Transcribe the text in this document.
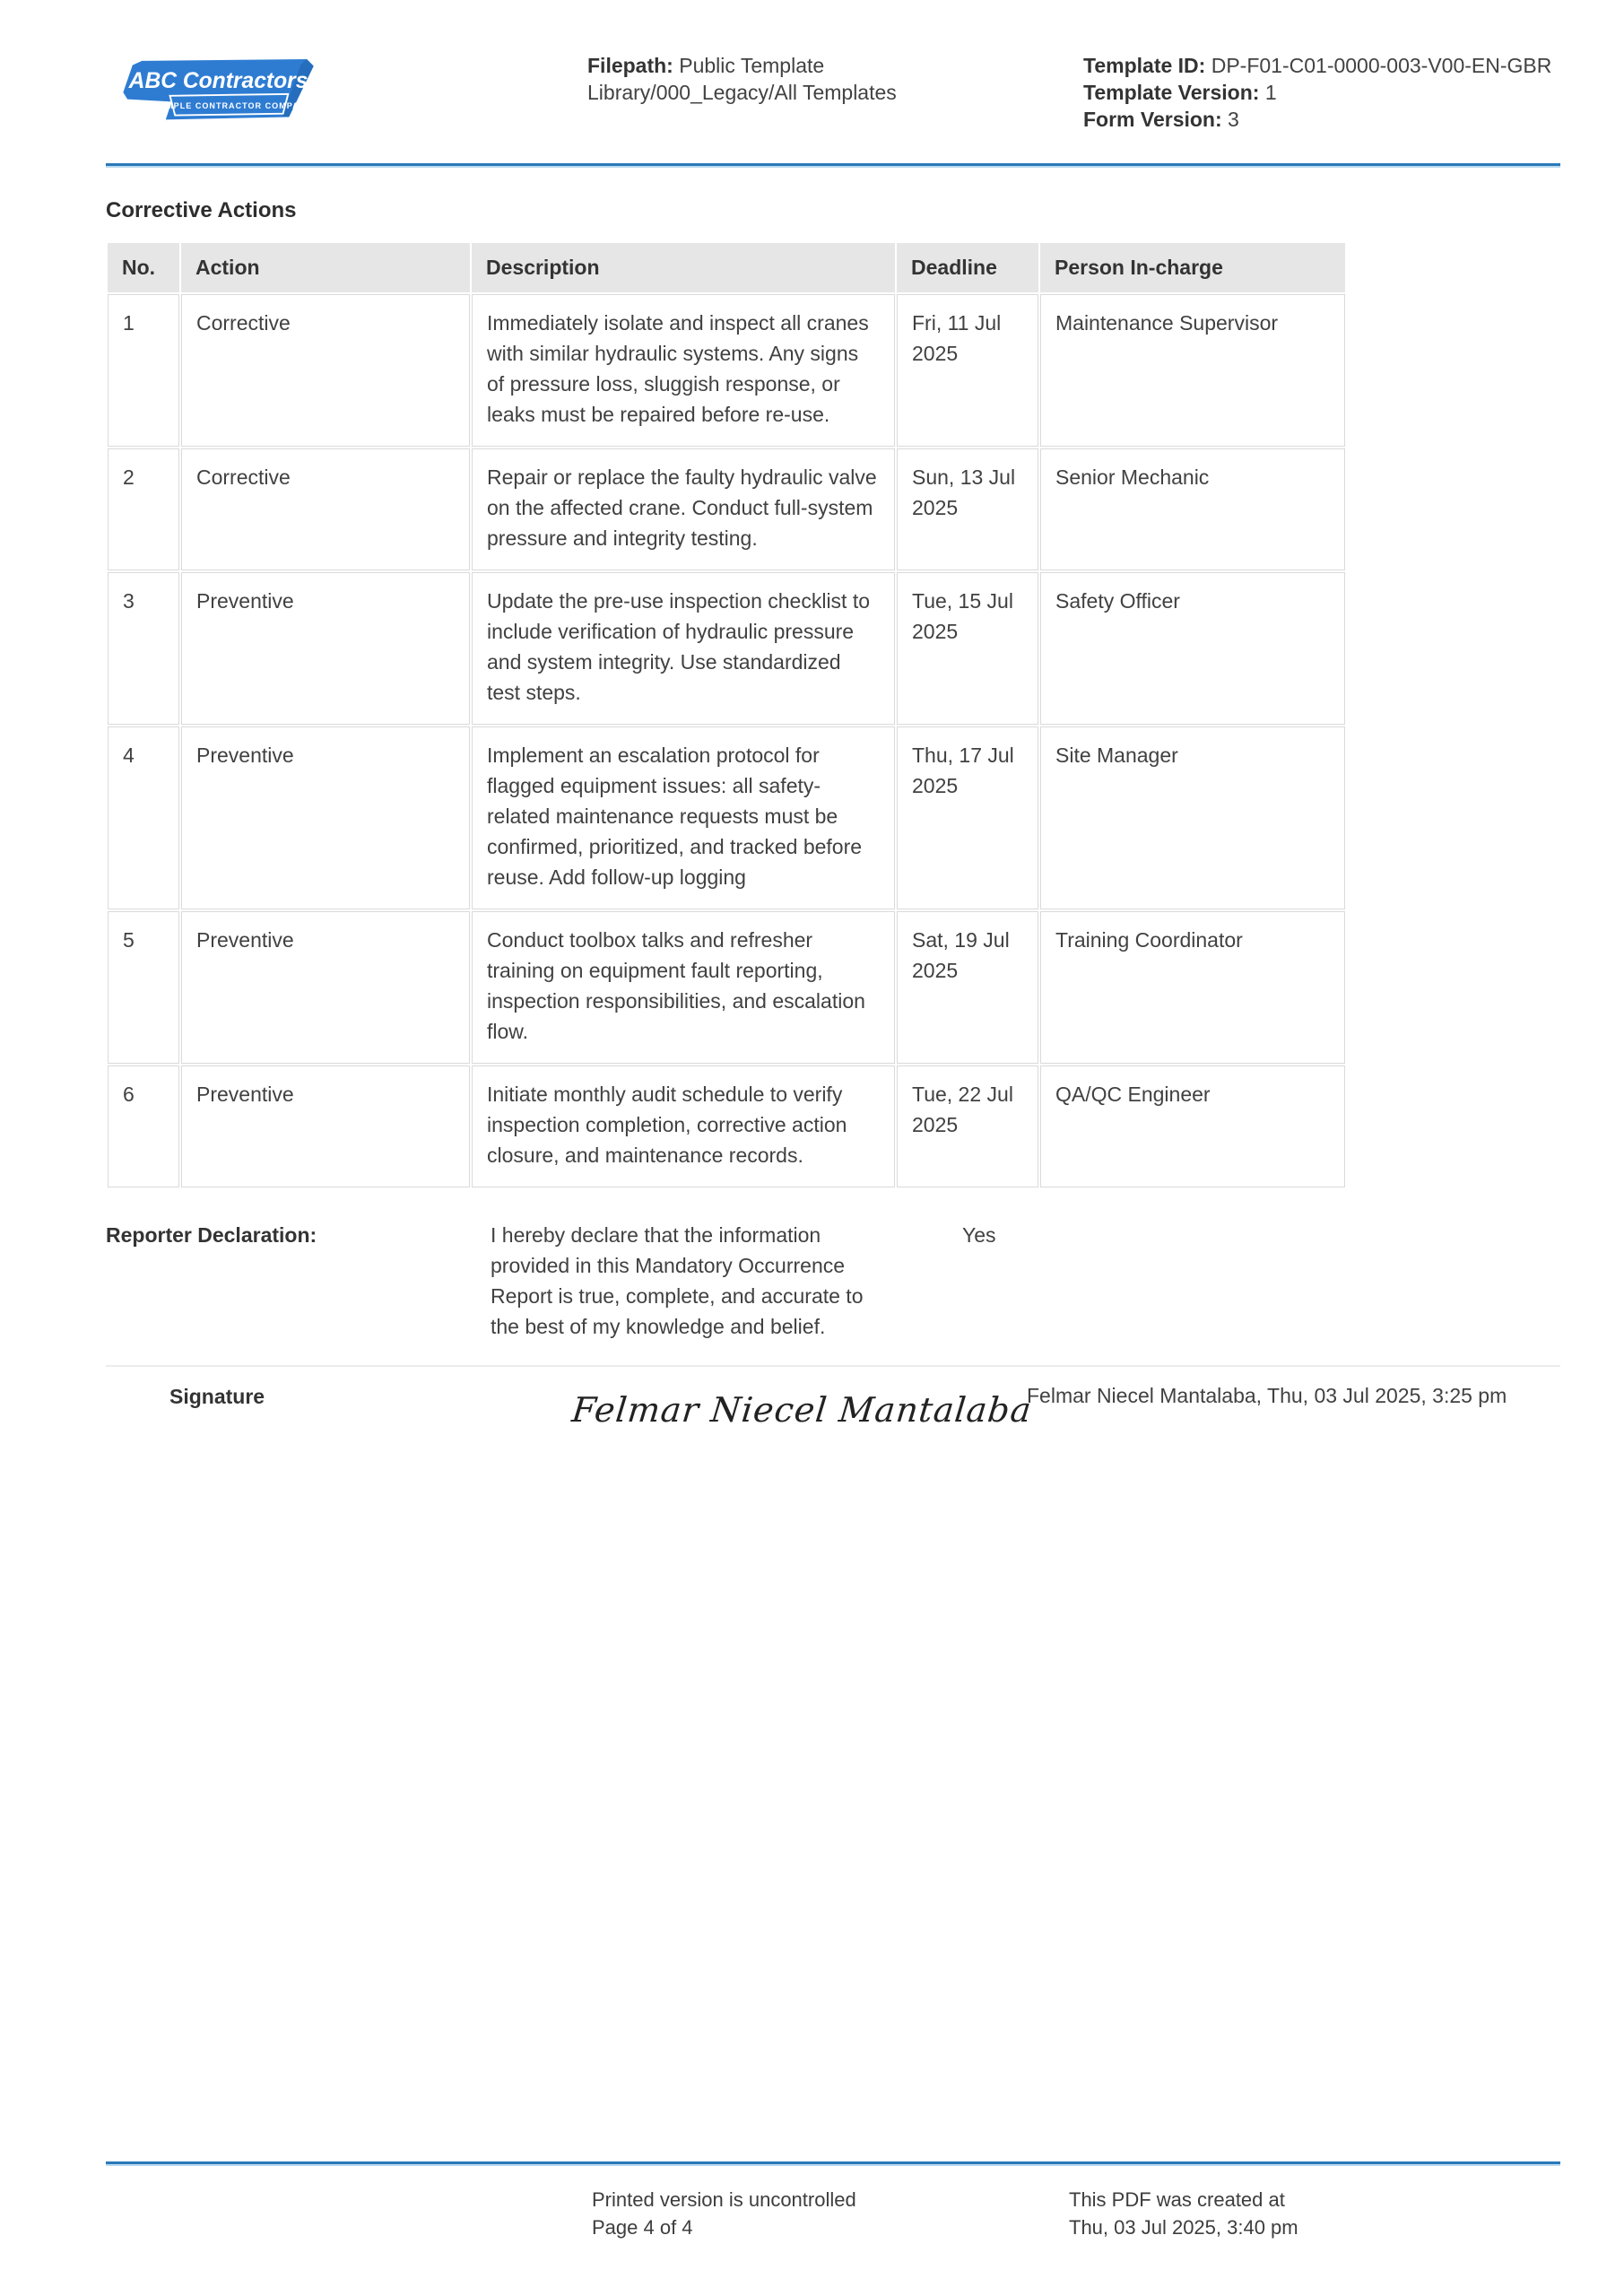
ABC Contractors
EXAMPLE CONTRACTOR COMPANY
Filepath: Public Template Library/000_Legacy/All Templates
Template ID: DP-F01-C01-0000-003-V00-EN-GBR
Template Version: 1
Form Version: 3
Corrective Actions
No.	Action	Description	Deadline	Person In-charge
1	Corrective	Immediately isolate and inspect all cranes with similar hydraulic systems. Any signs of pressure loss, sluggish response, or leaks must be repaired before re-use.	Fri, 11 Jul 2025	Maintenance Supervisor
2	Corrective	Repair or replace the faulty hydraulic valve on the affected crane. Conduct full-system pressure and integrity testing.	Sun, 13 Jul 2025	Senior Mechanic
3	Preventive	Update the pre-use inspection checklist to include verification of hydraulic pressure and system integrity. Use standardized test steps.	Tue, 15 Jul 2025	Safety Officer
4	Preventive	Implement an escalation protocol for flagged equipment issues: all safety-related maintenance requests must be confirmed, prioritized, and tracked before reuse. Add follow-up logging	Thu, 17 Jul 2025	Site Manager
5	Preventive	Conduct toolbox talks and refresher training on equipment fault reporting, inspection responsibilities, and escalation flow.	Sat, 19 Jul 2025	Training Coordinator
6	Preventive	Initiate monthly audit schedule to verify inspection completion, corrective action closure, and maintenance records.	Tue, 22 Jul 2025	QA/QC Engineer
Reporter Declaration:	I hereby declare that the information provided in this Mandatory Occurrence Report is true, complete, and accurate to the best of my knowledge and belief.
Yes
Signature	Felmar Niecel Mantalaba
Felmar Niecel Mantalaba, Thu, 03 Jul 2025, 3:25 pm
Printed version is uncontrolled
Page 4 of 4
This PDF was created at
Thu, 03 Jul 2025, 3:40 pm
